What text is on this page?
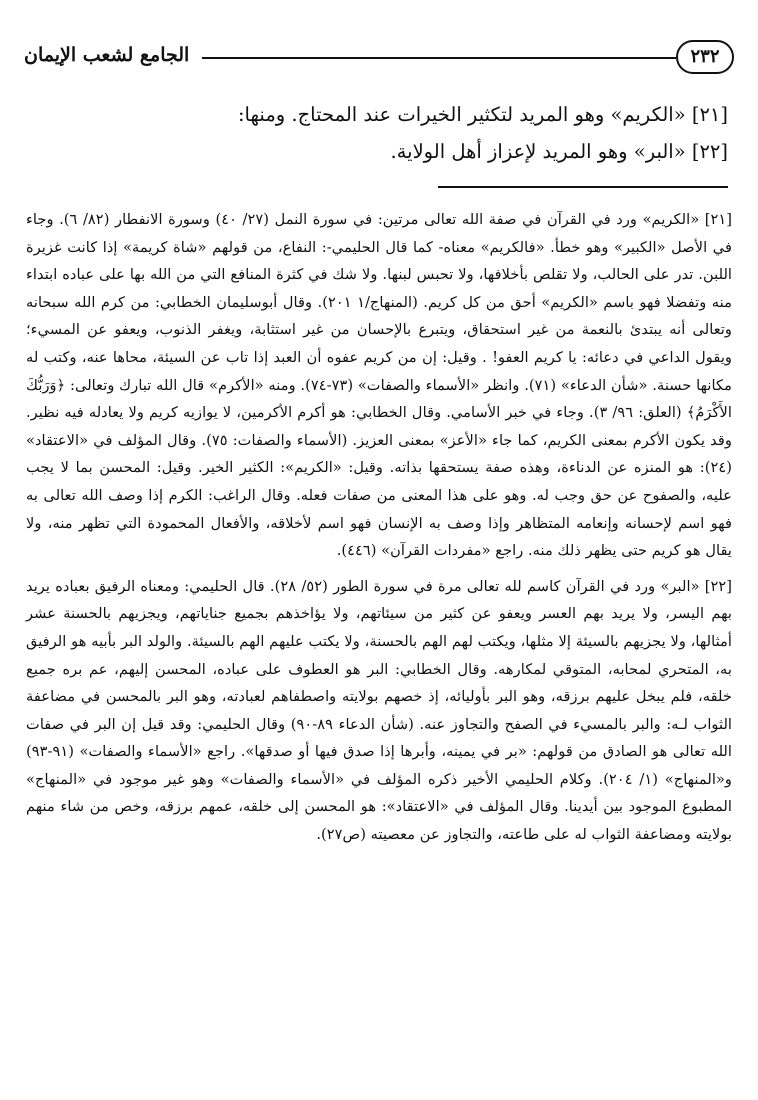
٢٣٢
الجامع لشعب الإيمان
[٢١] «الكريم» وهو المريد لتكثير الخيرات عند المحتاج. ومنها:
[٢٢] «البر» وهو المريد لإعزاز أهل الولاية.

[٢١] «الكريم» ورد في القرآن في صفة الله تعالى مرتين: في سورة النمل (٢٧/ ٤٠) وسورة الانفطار (٨٢/ ٦). وجاء في الأصل «الكبير» وهو خطأ. «فالكريم» معناه- كما قال الحليمي-: النفاع، من قولهم «شاة كريمة» إذا كانت غزيرة اللبن. تدر على الحالب، ولا تقلص بأخلافها، ولا تحبس لبنها. ولا شك في كثرة المنافع التي من الله بها على عباده ابتداء منه وتفضلا فهو باسم «الكريم» أحق من كل كريم. (المنهاج/١ ٢٠١). وقال أبوسليمان الخطابي: من كرم الله سبحانه وتعالى أنه يبتدئ بالنعمة من غير استحقاق، ويتبرع بالإحسان من غير استثابة، ويغفر الذنوب، ويعفو عن المسيء؛ ويقول الداعي في دعائه: يا كريم العفو! . وقيل: إن من كريم عفوه أن العبد إذا تاب عن السيئة، محاها عنه، وكتب له مكانها حسنة. «شأن الدعاء» (٧١). وانظر «الأسماء والصفات» (٧٣-٧٤). ومنه «الأكرم» قال الله تبارك وتعالى: ﴿وَرَبُّكَ الأَكْرَمُ﴾ (العلق: ٩٦/ ٣). وجاء في خبر الأسامي. وقال الخطابي: هو أكرم الأكرمين، لا يوازيه كريم ولا يعادله فيه نظير. وقد يكون الأكرم بمعنى الكريم، كما جاء «الأعز» بمعنى العزيز. (الأسماء والصفات: ٧٥). وقال المؤلف في «الاعتقاد» (٢٤): هو المنزه عن الدناءة، وهذه صفة يستحقها بذاته. وقيل: «الكريم»: الكثير الخير. وقيل: المحسن بما لا يجب عليه، والصفوح عن حق وجب له. وهو على هذا المعنى من صفات فعله. وقال الراغب: الكرم إذا وصف الله تعالى به فهو اسم لإحسانه وإنعامه المتظاهر وإذا وصف به الإنسان فهو اسم لأخلاقه، والأفعال المحمودة التي تظهر منه، ولا يقال هو كريم حتى يظهر ذلك منه. راجع «مفردات القرآن» (٤٤٦).

[٢٢] «البر» ورد في القرآن كاسم لله تعالى مرة في سورة الطور (٥٢/ ٢٨). قال الحليمي: ومعناه الرفيق بعباده يريد بهم اليسر، ولا يريد بهم العسر ويعفو عن كثير من سيئاتهم، ولا يؤاخذهم بجميع جناياتهم، ويجزيهم بالحسنة عشر أمثالها، ولا يجزيهم بالسيئة إلا مثلها، ويكتب لهم الهم بالحسنة، ولا يكتب عليهم الهم بالسيئة. والولد البر بأبيه هو الرفيق به، المتحري لمحابه، المتوقي لمكارهه. وقال الخطابي: البر هو العطوف على عباده، المحسن إليهم، عم بره جميع خلقه، فلم يبخل عليهم برزقه، وهو البر بأوليائه، إذ خصهم بولايته واصطفاهم لعبادته، وهو البر بالمحسن في مضاعفة الثواب لـه: والبر بالمسيء في الصفح والتجاوز عنه. (شأن الدعاء ٨٩-٩٠) وقال الحليمي: وقد قيل إن البر في صفات الله تعالى هو الصادق من قولهم: «بر في يمينه، وأبرها إذا صدق فيها أو صدقها». راجع «الأسماء والصفات» (٩١-٩٣) و«المنهاج» (١/ ٢٠٤). وكلام الحليمي الأخير ذكره المؤلف في «الأسماء والصفات» وهو غير موجود في «المنهاج» المطبوع الموجود بين أيدينا. وقال المؤلف في «الاعتقاد»: هو المحسن إلى خلقه، عمهم برزقه، وخص من شاء منهم بولايته ومضاعفة الثواب له على طاعته، والتجاوز عن معصيته (ص٢٧).
